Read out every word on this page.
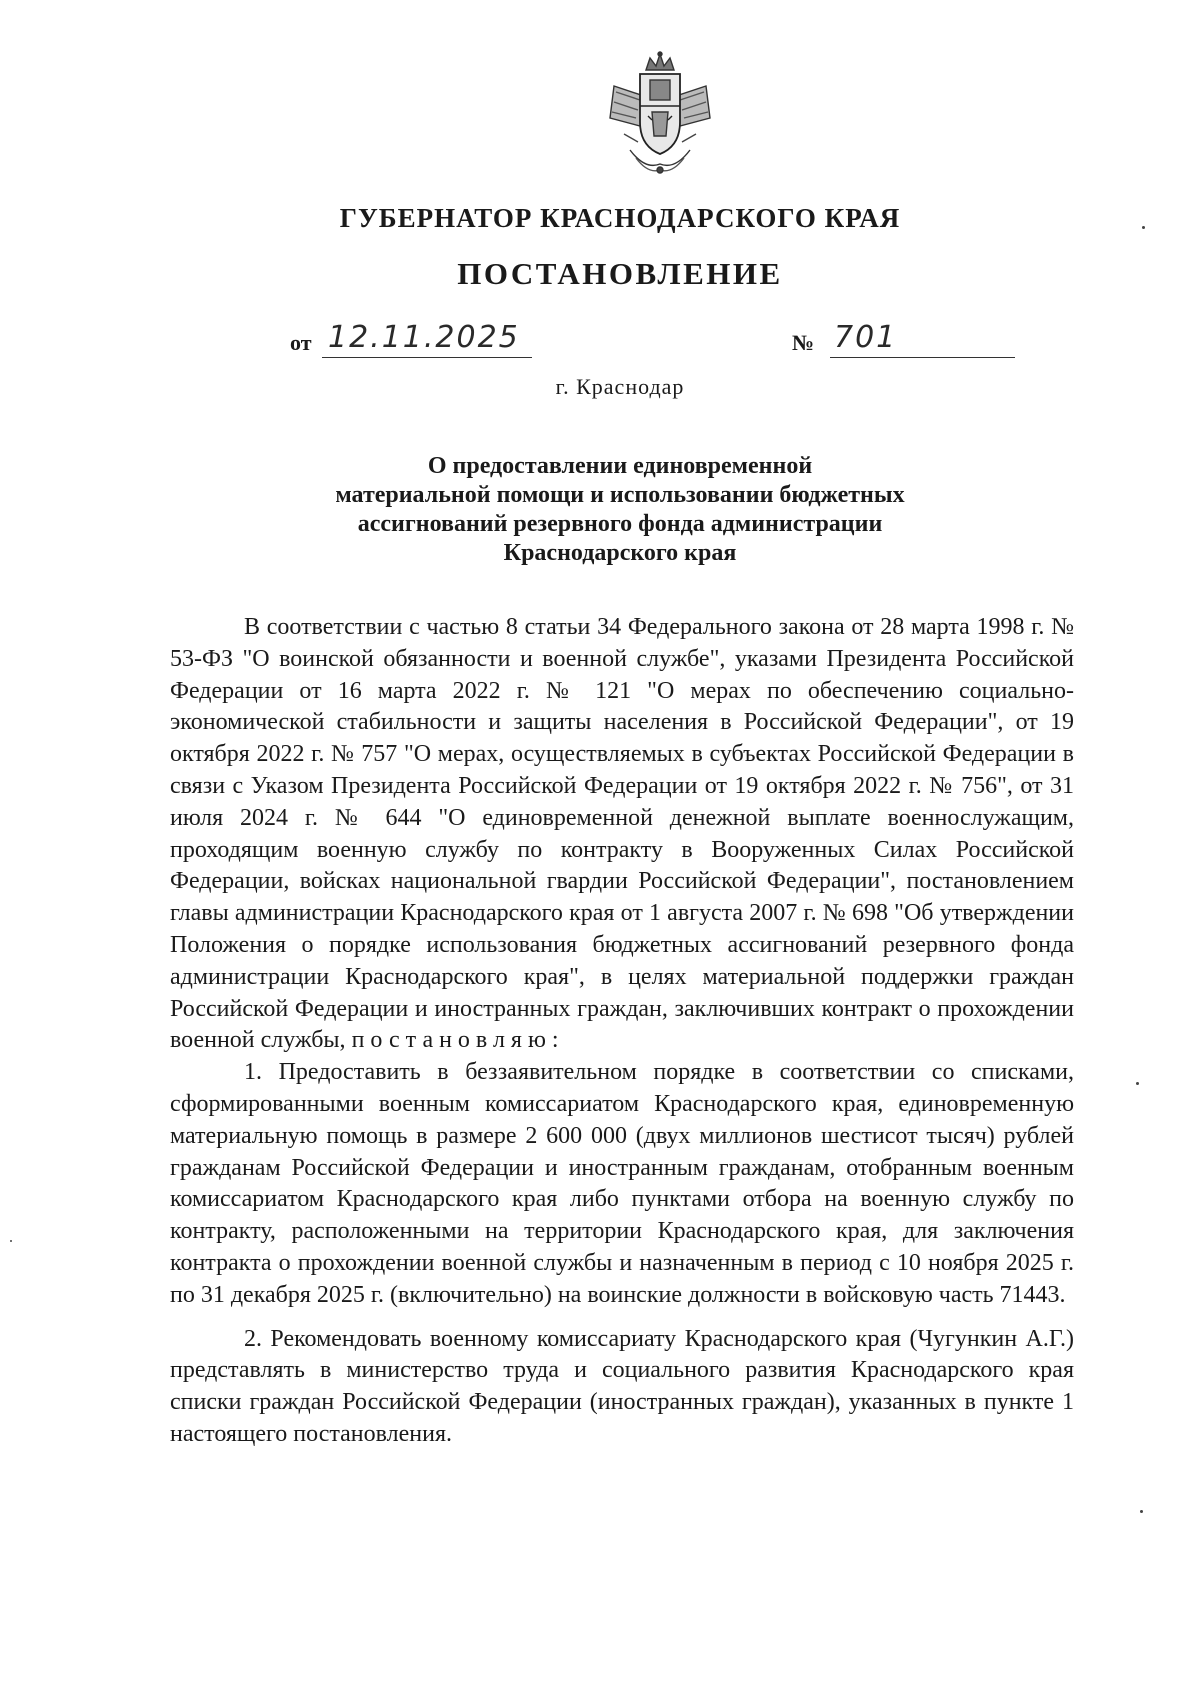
ГУБЕРНАТОР КРАСНОДАРСКОГО КРАЯ
ПОСТАНОВЛЕНИЕ
от 12.11.2025	№ 701
г. Краснодар
О предоставлении единовременной
материальной помощи и использовании бюджетных
ассигнований резервного фонда администрации
Краснодарского края

В соответствии с частью 8 статьи 34 Федерального закона от 28 марта 1998 г. № 53-ФЗ "О воинской обязанности и военной службе", указами Президента Российской Федерации от 16 марта 2022 г. № 121 "О мерах по обеспечению социально-экономической стабильности и защиты населения в Российской Федерации", от 19 октября 2022 г. № 757 "О мерах, осуществляемых в субъектах Российской Федерации в связи с Указом Президента Российской Федерации от 19 октября 2022 г. № 756", от 31 июля 2024 г. № 644 "О единовременной денежной выплате военнослужащим, проходящим военную службу по контракту в Вооруженных Силах Российской Федерации, войсках национальной гвардии Российской Федерации", постановлением главы администрации Краснодарского края от 1 августа 2007 г. № 698 "Об утверждении Положения о порядке использования бюджетных ассигнований резервного фонда администрации Краснодарского края", в целях материальной поддержки граждан Российской Федерации и иностранных граждан, заключивших контракт о прохождении военной службы, постановляю:

1. Предоставить в беззаявительном порядке в соответствии со списками, сформированными военным комиссариатом Краснодарского края, единовременную материальную помощь в размере 2 600 000 (двух миллионов шестисот тысяч) рублей гражданам Российской Федерации и иностранным гражданам, отобранным военным комиссариатом Краснодарского края либо пунктами отбора на военную службу по контракту, расположенными на территории Краснодарского края, для заключения контракта о прохождении военной службы и назначенным в период с 10 ноября 2025 г. по 31 декабря 2025 г. (включительно) на воинские должности в войсковую часть 71443.

2. Рекомендовать военному комиссариату Краснодарского края (Чугункин А.Г.) представлять в министерство труда и социального развития Краснодарского края списки граждан Российской Федерации (иностранных граждан), указанных в пункте 1 настоящего постановления.
